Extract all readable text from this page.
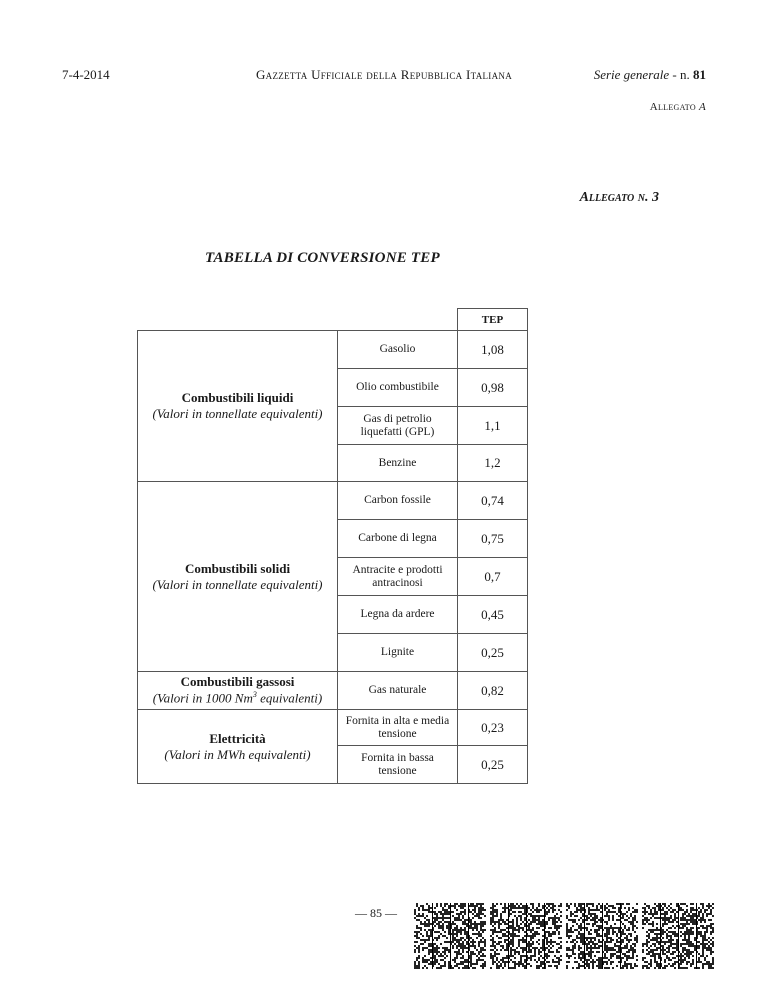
7-4-2014	Gazzetta Ufficiale della Repubblica Italiana	Serie generale - n. 81
Allegato A
Allegato n. 3
TABELLA DI CONVERSIONE TEP
		TEP

Combustibili liquidi
(Valori in tonnellate equivalenti)	Gasolio	1,08
	Olio combustibile	0,98
	Gas di petrolio liquefatti (GPL)	1,1
	Benzine	1,2

Combustibili solidi
(Valori in tonnellate equivalenti)	Carbon fossile	0,74
	Carbone di legna	0,75
	Antracite e prodotti antracinosi	0,7
	Legna da ardere	0,45
	Lignite	0,25

Combustibili gassosi
(Valori in 1000 Nm$^3$ equivalenti)	Gas naturale	0,82

Elettricità
(Valori in MWh equivalenti)	Fornita in alta e media tensione	0,23
	Fornita in bassa tensione	0,25
— 85 —
